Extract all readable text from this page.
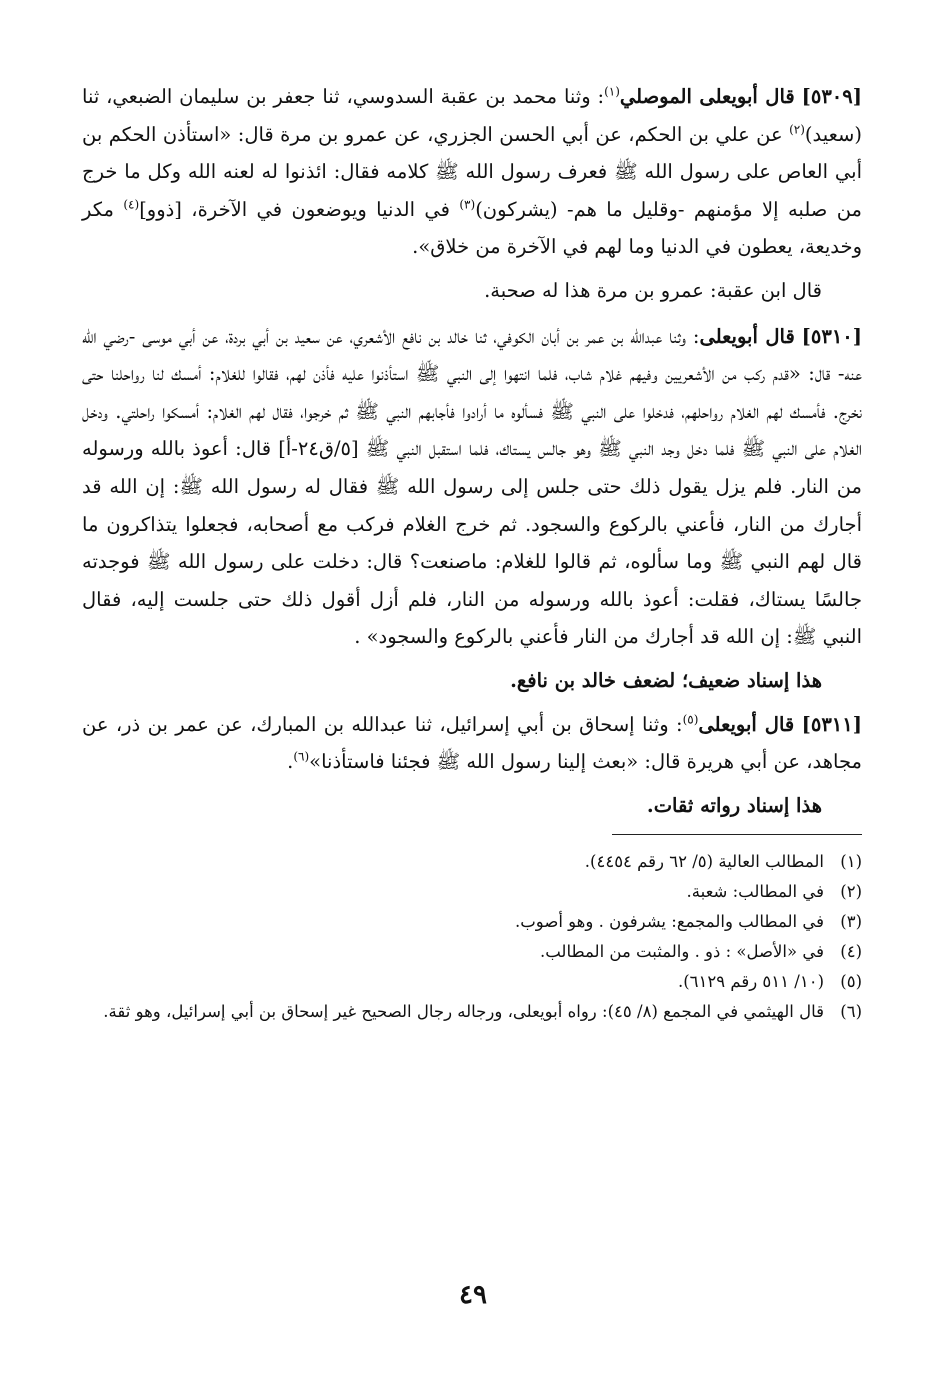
[٥٣٠٩] قال أبويعلى الموصلي$^{(١)}$: وثنا محمد بن عقبة السدوسي، ثنا جعفر بن سليمان الضبعي، ثنا (سعيد)$^{(٢)}$ عن علي بن الحكم، عن أبي الحسن الجزري، عن عمرو بن مرة قال: «استأذن الحكم بن أبي العاص على رسول الله ﷺ فعرف رسول الله ﷺ كلامه فقال: ائذنوا له لعنه الله وكل ما خرج من صلبه إلا مؤمنهم -وقليل ما هم- (يشركون)$^{(٣)}$ في الدنيا ويوضعون في الآخرة، [ذوو]$^{(٤)}$ مكر وخديعة، يعطون في الدنيا وما لهم في الآخرة من خلاق».

قال ابن عقبة: عمرو بن مرة هذا له صحبة.

[٥٣١٠] قال أبويعلى: وثنا عبدالله بن عمر بن أبان الكوفي، ثنا خالد بن نافع الأشعري، عن سعيد بن أبي بردة، عن أبي موسى -رضي الله عنه- قال: «قدم ركب من الأشعريين وفيهم غلام شاب، فلما انتهوا إلى النبي ﷺ استأذنوا عليه فأذن لهم، فقالوا للغلام: أمسك لنا رواحلنا حتى نخرج. فأمسك لهم الغلام رواحلهم، فدخلوا على النبي ﷺ فسألوه ما أرادوا فأجابهم النبي ﷺ ثم خرجوا، فقال لهم الغلام: أمسكوا راحلتي. ودخل الغلام على النبي ﷺ فلما دخل وجد النبي ﷺ وهو جالس يستاك، فلما استقبل النبي ﷺ [٥/ق٢٤-أ] قال: أعوذ بالله ورسوله من النار. فلم يزل يقول ذلك حتى جلس إلى رسول الله ﷺ فقال له رسول الله ﷺ: إن الله قد أجارك من النار، فأعني بالركوع والسجود. ثم خرج الغلام فركب مع أصحابه، فجعلوا يتذاكرون ما قال لهم النبي ﷺ وما سألوه، ثم قالوا للغلام: ماصنعت؟ قال: دخلت على رسول الله ﷺ فوجدته جالسًا يستاك، فقلت: أعوذ بالله ورسوله من النار، فلم أزل أقول ذلك حتى جلست إليه، فقال النبي ﷺ: إن الله قد أجارك من النار فأعني بالركوع والسجود» .

هذا إسناد ضعيف؛ لضعف خالد بن نافع.

[٥٣١١] قال أبويعلى$^{(٥)}$: وثنا إسحاق بن أبي إسرائيل، ثنا عبدالله بن المبارك، عن عمر بن ذر، عن مجاهد، عن أبي هريرة قال: «بعث إلينا رسول الله ﷺ فجئنا فاستأذنا»$^{(٦)}$.

هذا إسناد رواته ثقات.

(١)
المطالب العالية (٥/ ٦٢ رقم ٤٤٥٤).
(٢)
في المطالب: شعبة.
(٣)
في المطالب والمجمع: يشرفون . وهو أصوب.
(٤)
في «الأصل» : ذو . والمثبت من المطالب.
(٥)
(١٠/ ٥١١ رقم ٦١٢٩).
(٦)
قال الهيثمي في المجمع (٨/ ٤٥): رواه أبويعلى، ورجاله رجال الصحيح غير إسحاق بن أبي إسرائيل، وهو ثقة.
٤٩
